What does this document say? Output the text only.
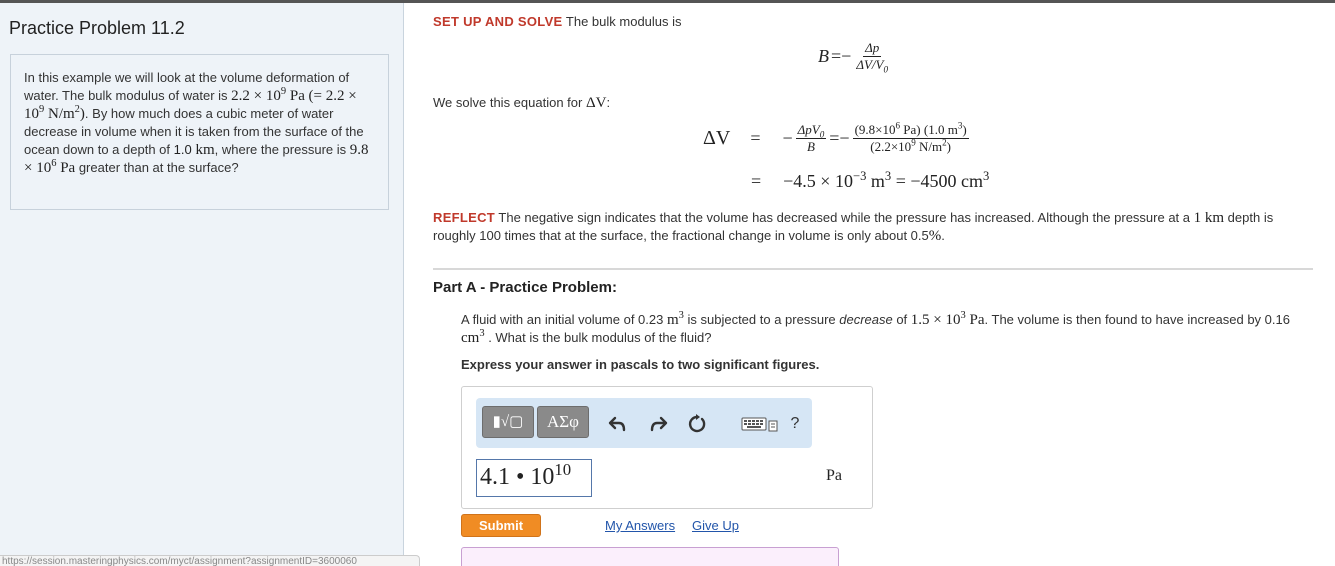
Practice Problem 11.2
In this example we will look at the volume deformation of water. The bulk modulus of water is $2.2 \times 10^9$ Pa (= $2.2 \times 10^9$ $N/m^2$). By how much does a cubic meter of water decrease in volume when it is taken from the surface of the ocean down to a depth of 1.0 km, where the pressure is $9.8 \times 10^6$ Pa greater than at the surface?
https://session.masteringphysics.com/myct/assignment?assignmentID=3600060
SET UP AND SOLVE The bulk modulus is
$B =- \frac{\Delta p}{\Delta V/V_0}$
We solve this equation for ΔV:
ΔV = − $\frac{\Delta pV_0}{B} =- \frac{(9.8\times 10^6 Pa) (1.0 m^3)}{(2.2\times 10^9 N/m^2)}$
= $-4.5 \times 10^{-3}$ $m^3 = -4500$ $cm^3$
REFLECT The negative sign indicates that the volume has decreased while the pressure has increased. Although the pressure at a 1 km depth is roughly 100 times that at the surface, the fractional change in volume is only about 0.5%.
Part A - Practice Problem:
A fluid with an initial volume of 0.23 $m^3$ is subjected to a pressure decrease of $1.5 \times 10^3$ Pa. The volume is then found to have increased by 0.16 $cm^3$ . What is the bulk modulus of the fluid?
Express your answer in pascals to two significant figures.
▮√▢	ΑΣφ	?
4.1 • $10^{10}$	Pa
Submit	My Answers Give Up
